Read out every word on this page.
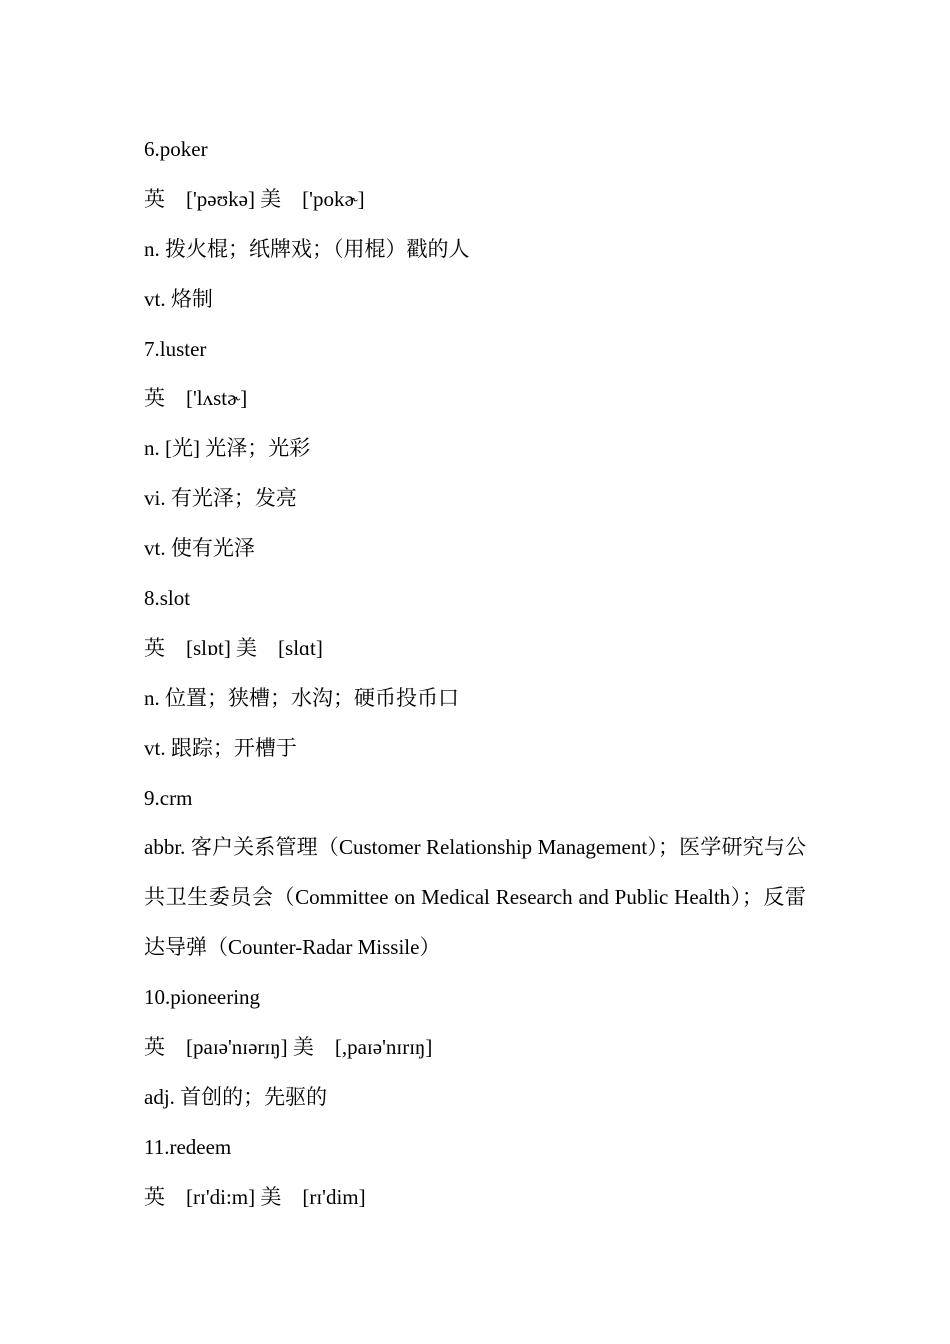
6.poker
英　['pəʊkə] 美　['pokɚ]
n. 拨火棍；纸牌戏；（用棍）戳的人
vt. 烙制
7.luster
英　['lʌstɚ]
n. [光] 光泽；光彩
vi. 有光泽；发亮
vt. 使有光泽
8.slot
英　[slɒt] 美　[slɑt]
n. 位置；狭槽；水沟；硬币投币口
vt. 跟踪；开槽于
9.crm
abbr. 客户关系管理（Customer Relationship Management）；医学研究与公共卫生委员会（Committee on Medical Research and Public Health）；反雷达导弹（Counter-Radar Missile）
10.pioneering
英　[paɪə'nɪərɪŋ] 美　[,paɪə'nɪrɪŋ]
adj. 首创的；先驱的
11.redeem
英　[rɪ'di:m] 美　[rɪ'dim]
